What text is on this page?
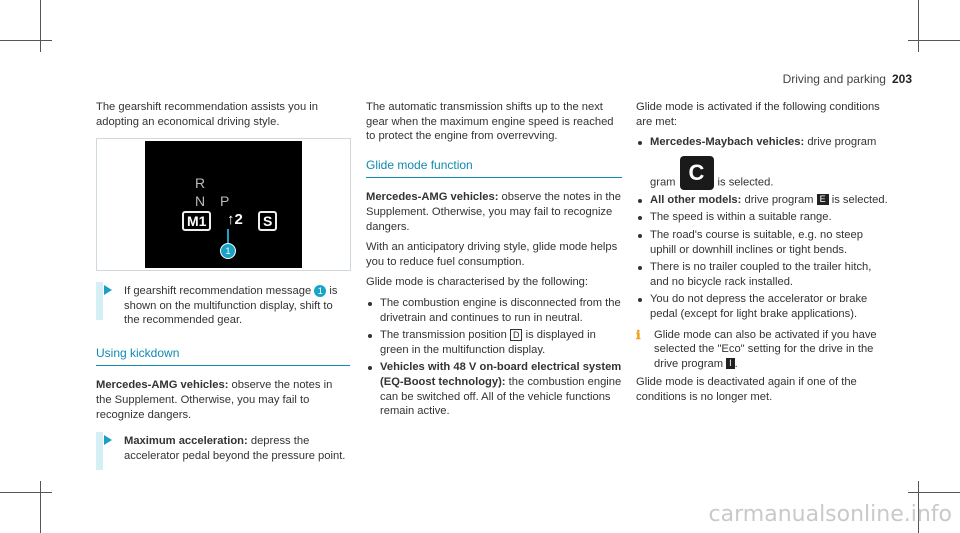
Driving and parking 203

The gearshift recommendation assists you in adopting an economical driving style.

R
N P
M1	↑2	S
1
If gearshift recommendation message 1 is shown on the multifunction display, shift to the recommended gear.
Using kickdown

Mercedes-AMG vehicles: observe the notes in the Supplement. Otherwise, you may fail to recognize dangers.

Maximum acceleration: depress the accelerator pedal beyond the pressure point.

The automatic transmission shifts up to the next gear when the maximum engine speed is reached to protect the engine from overrevving.

Glide mode function

Mercedes-AMG vehicles: observe the notes in the Supplement. Otherwise, you may fail to recognize dangers.

With an anticipatory driving style, glide mode helps you to reduce fuel consumption.

Glide mode is characterised by the following:

The combustion engine is disconnected from the drivetrain and continues to run in neutral.
The transmission position D is displayed in green in the multifunction display.
Vehicles with 48 V on-board electrical system (EQ-Boost technology): the combustion engine can be switched off. All of the vehicle functions remain active.

Glide mode is activated if the following conditions are met:

Mercedes-Maybach vehicles: drive program
gram C is selected.
All other models: drive program E is selected.
The speed is within a suitable range.
The road's course is suitable, e.g. no steep uphill or downhill inclines or tight bends.
There is no trailer coupled to the trailer hitch, and no bicycle rack installed.
You do not depress the accelerator or brake pedal (except for light brake applications).
ℹ Glide mode can also be activated if you have selected the "Eco" setting for the drive in the drive program I .

Glide mode is deactivated again if one of the conditions is no longer met.

carmanualsonline.info
